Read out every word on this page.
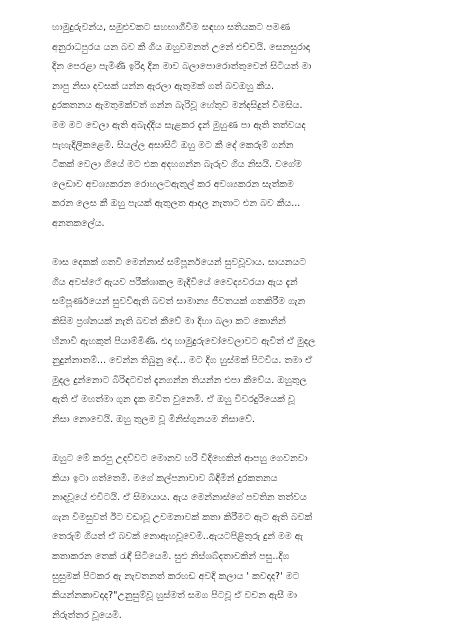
හාමුදුරුවන්ය, සමුළුවකට සහභාගීවීම සඳහා සතියකට පමණ
අනුරාධපුරය යන බව කී ගිය ඔහුවමනත් උනේ එච්චයි. සෙනසුරාදා
දින පෙරළා පැමිණි ඉරිදා දින මාව බලාපොරොත්තුවෙන් සිටියත් මා
නාපු නිසා දවසක් යන්න ඇරලා ඇතුමක් ගත් බවඔහු කීය.
දුරකතනය ඇමතුමක්වත් ගන්න බැරිවූ හේතුව මන්දසිදුත් විමසිය.
මම මට වෙලා ඇති අබැද්දිය සැළකර දැන් මුහුණ පා ඇති තත්වයද
පැහැදිලිකළෙමි. සියල්ල අසාසිටි ඔහු මට කී දේ කෙරුම් ගන්න
ටිකක් වෙලා ගියේ මට එක අදහගන්න බැරුව ගිය නිසයි. වගේම
ලෙඩාව අවශ්‍යකරන රොහලටඇතුල් කර අවශ්‍යකරන සැත්කම
කරන ලෙස කී ඔහු පැයක් ඇතුලත ආදල නැතාට එන බව කීය...
අනතකලේය.
මාස දෙකක් ගතවී මෙන්නාස් සම්පූර්නයෙන් සුවවූවාය. සායනයට
ගිය අවස්ථේ ඇයව පරීක්ශාකල මැදිවියේ වෛද්‍යවරයා ඇය දැන්
සම්පූර්ණයෙන් සුවවීඇති බවත් සාමාන්‍ය ජීවතයක් ගතකිරීම ගැන
කිසිම ප්‍රශ්නයක් නැති බවත් කීවේ මා දිහා බලා කට කොනින්
හිනාවී ඇහකුත් පියාම්මිණි. එදා හාමුදුරුවෝවෙලාවට ඇවිත් ඒ මුදල
නුදුන්නාතම්... වෙන්න තිබුනු දේ... මට දිග හුස්මක් පිටවිය. තමා ඒ
මුදල දුන්නොට බිරිඳටවත් දැනගන්න තියන්න එපා කීවේය. ඔහුතුල
ඇති ඒ මහත්මා ගුන දැක මවිත වුනෙමි. ඒ ඔහු විවරදුරියෙක් වූ
නිසා නොවෙයි. ඔහු තුලම වූ මිනිස්ගුනයම නිසාවේ.
ඔහුට මේ කරපු උදව්වට මොනව හරි විදිහෙකින් ආපහු ගෙවනවා
කියා ඉටා ගත්තෙමි. මගේ කල්පනාවාව බිඳිමින් දුරකතනය
නාදවූයේ එවිටයි. ඒ සිමායාය. ඇය මෙන්නාස්ගේ පවතින තත්වය
ගැන විමසුවත් ඊට වඩාවූ උවමනාවක් කතා කිරීමට ඇට ඇති බවක්
තෙරුම් ගියත් ඒ බවක් නොඇහවූවෙමි..ඇයටපිළිතුරු දුන් මම ඇ
කතාකරන තෙක් රැඳී සිටියෙමි. සුළු නිස්ශබ්දතාවකින් පසු..දිග
සුසුමක් පිටකර ඇ නැවතනත් කරහඩ අවදි කලාය ' කවදාද?' මට
කියන්නකාවදාද?"උනුසුම්වූ හුස්මත් සමග පිටවූ ඒ වචන ඇසී මා
නිරුත්තර වූයෙමි.
